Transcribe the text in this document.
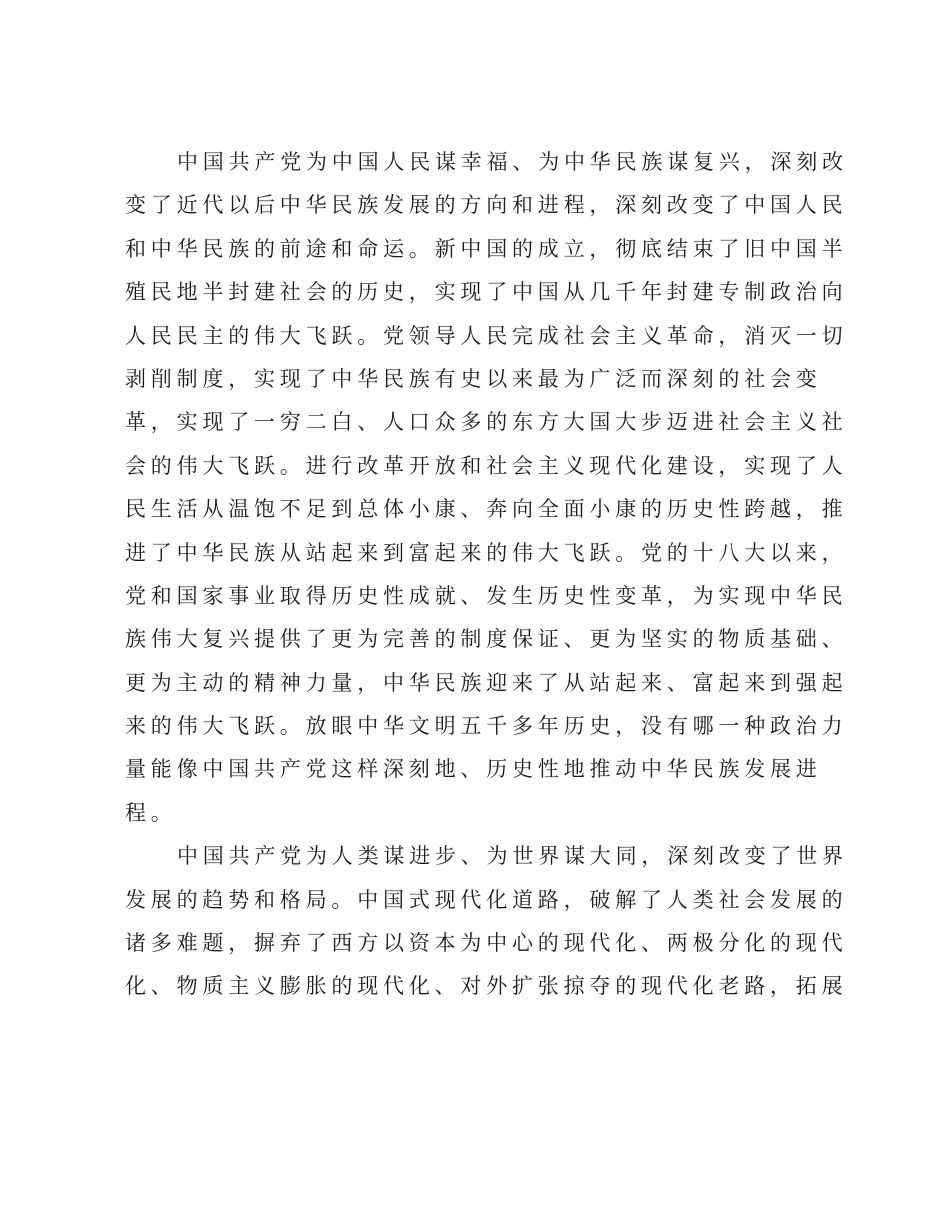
中国共产党为中国人民谋幸福、为中华民族谋复兴，深刻改
变了近代以后中华民族发展的方向和进程，深刻改变了中国人民
和中华民族的前途和命运。新中国的成立，彻底结束了旧中国半
殖民地半封建社会的历史，实现了中国从几千年封建专制政治向
人民民主的伟大飞跃。党领导人民完成社会主义革命，消灭一切
剥削制度，实现了中华民族有史以来最为广泛而深刻的社会变
革，实现了一穷二白、人口众多的东方大国大步迈进社会主义社
会的伟大飞跃。进行改革开放和社会主义现代化建设，实现了人
民生活从温饱不足到总体小康、奔向全面小康的历史性跨越，推
进了中华民族从站起来到富起来的伟大飞跃。党的十八大以来，
党和国家事业取得历史性成就、发生历史性变革，为实现中华民
族伟大复兴提供了更为完善的制度保证、更为坚实的物质基础、
更为主动的精神力量，中华民族迎来了从站起来、富起来到强起
来的伟大飞跃。放眼中华文明五千多年历史，没有哪一种政治力
量能像中国共产党这样深刻地、历史性地推动中华民族发展进
程。
中国共产党为人类谋进步、为世界谋大同，深刻改变了世界
发展的趋势和格局。中国式现代化道路，破解了人类社会发展的
诸多难题，摒弃了西方以资本为中心的现代化、两极分化的现代
化、物质主义膨胀的现代化、对外扩张掠夺的现代化老路，拓展
